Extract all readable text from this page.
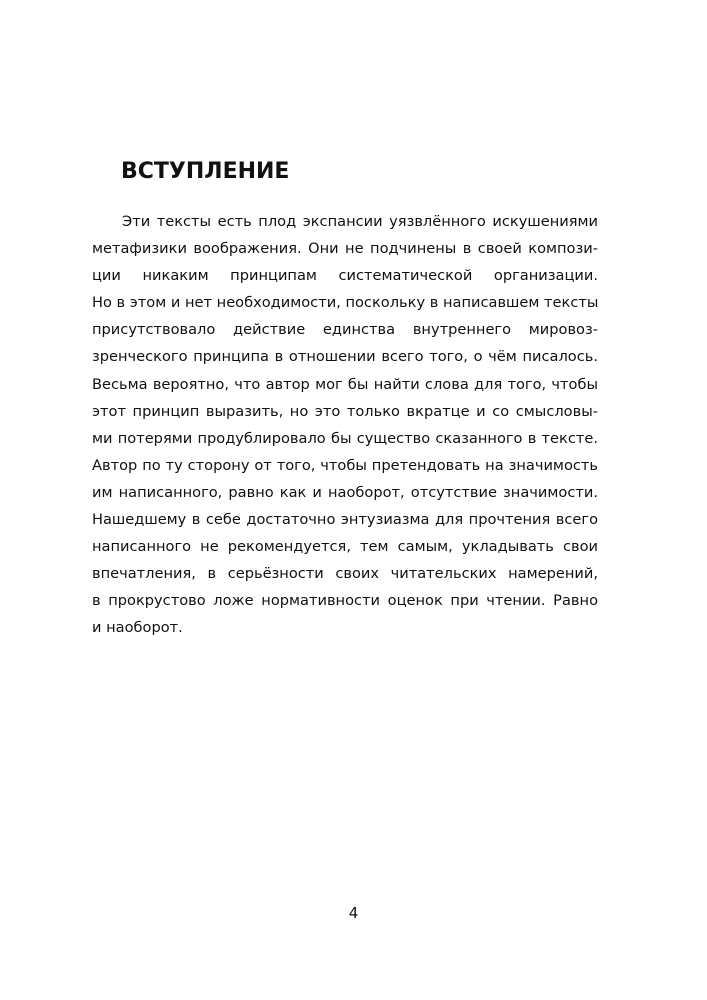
ВСТУПЛЕНИЕ
Эти тексты есть плод экспансии уязвлённого искушениями
метафизики воображения. Они не подчинены в своей компози-
ции никаким принципам систематической организации.
Но в этом и нет необходимости, поскольку в написавшем тексты
присутствовало действие единства внутреннего мировоз-
зренческого принципа в отношении всего того, о чём писалось.
Весьма вероятно, что автор мог бы найти слова для того, чтобы
этот принцип выразить, но это только вкратце и со смысловы-
ми потерями продублировало бы существо сказанного в тексте.
Автор по ту сторону от того, чтобы претендовать на значимость
им написанного, равно как и наоборот, отсутствие значимости.
Нашедшему в себе достаточно энтузиазма для прочтения всего
написанного не рекомендуется, тем самым, укладывать свои
впечатления, в серьёзности своих читательских намерений,
в прокрустово ложе нормативности оценок при чтении. Равно
и наоборот.
4
